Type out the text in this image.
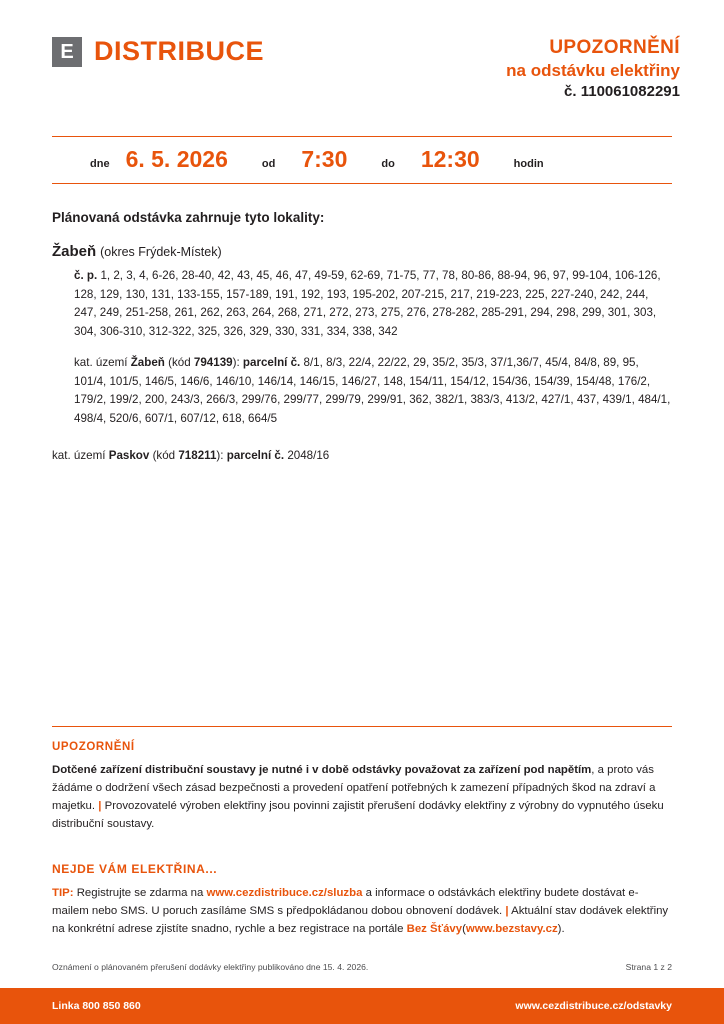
E DISTRIBUCE	UPOZORNĚNÍ
na odstávku elektřiny
č. 110061082291
dne 6. 5. 2026	od 7:30	do 12:30	hodin
Plánovaná odstávka zahrnuje tyto lokality:
Žabeň (okres Frýdek-Místek)
č. p. 1, 2, 3, 4, 6-26, 28-40, 42, 43, 45, 46, 47, 49-59, 62-69, 71-75, 77, 78, 80-86, 88-94, 96, 97, 99-104, 106-126, 128, 129, 130, 131, 133-155, 157-189, 191, 192, 193, 195-202, 207-215, 217, 219-223, 225, 227-240, 242, 244, 247, 249, 251-258, 261, 262, 263, 264, 268, 271, 272, 273, 275, 276, 278-282, 285-291, 294, 298, 299, 301, 303, 304, 306-310, 312-322, 325, 326, 329, 330, 331, 334, 338, 342
kat. území Žabeň (kód 794139): parcelní č. 8/1, 8/3, 22/4, 22/22, 29, 35/2, 35/3, 37/1,36/7, 45/4, 84/8, 89, 95, 101/4, 101/5, 146/5, 146/6, 146/10, 146/14, 146/15, 146/27, 148, 154/11, 154/12, 154/36, 154/39, 154/48, 176/2, 179/2, 199/2, 200, 243/3, 266/3, 299/76, 299/77, 299/79, 299/91, 362, 382/1, 383/3, 413/2, 427/1, 437, 439/1, 484/1, 498/4, 520/6, 607/1, 607/12, 618, 664/5
kat. území Paskov (kód 718211): parcelní č. 2048/16
UPOZORNĚNÍ
Dotčené zařízení distribuční soustavy je nutné i v době odstávky považovat za zařízení pod napětím, a proto vás žádáme o dodržení všech zásad bezpečnosti a provedení opatření potřebných k zamezení případných škod na zdraví a majetku. | Provozovatelé výroben elektřiny jsou povinni zajistit přerušení dodávky elektřiny z výrobny do vypnutého úseku distribuční soustavy.
NEJDE VÁM ELEKTŘINA...
TIP: Registrujte se zdarma na www.cezdistribuce.cz/sluzba a informace o odstávkách elektřiny budete dostávat e-mailem nebo SMS. U poruch zasíláme SMS s předpokládanou dobou obnovení dodávek. | Aktuální stav dodávek elektřiny na konkrétní adrese zjistíte snadno, rychle a bez registrace na portále Bez Šťávy(www.bezstavy.cz).
Oznámení o plánovaném přerušení dodávky elektřiny publikováno dne 15. 4. 2026.	Strana 1 z 2
Linka 800 850 860	www.cezdistribuce.cz/odstavky
